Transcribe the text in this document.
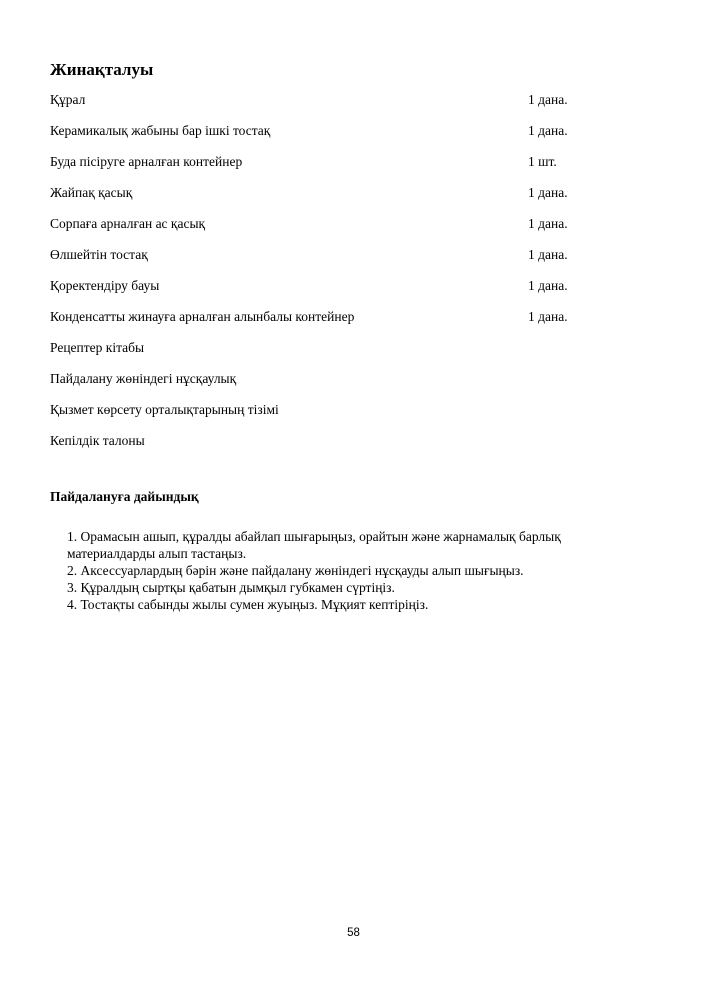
Жинақталуы
Құрал	1 дана.
Керамикалық жабыны бар ішкі тостақ	1 дана.
Буда пісіруге арналған контейнер	1 шт.
Жайпақ қасық	1 дана.
Сорпаға арналған ас қасық	1 дана.
Өлшейтін тостақ	1 дана.
Қоректендіру бауы	1 дана.
Конденсатты жинауға арналған алынбалы контейнер	1 дана.
Рецептер кітабы
Пайдалану жөніндегі нұсқаулық
Қызмет көрсету орталықтарының тізімі
Кепілдік талоны
Пайдалануға дайындық
1. Орамасын ашып, құралды абайлап шығарыңыз, орайтын және жарнамалық барлық материалдарды алып тастаңыз.
2. Аксессуарлардың бәрін және пайдалану жөніндегі нұсқауды алып шығыңыз.
3. Құралдың сыртқы қабатын дымқыл губкамен сүртіңіз.
4. Тостақты сабынды жылы сумен жуыңыз. Мұқият кептіріңіз.
58
